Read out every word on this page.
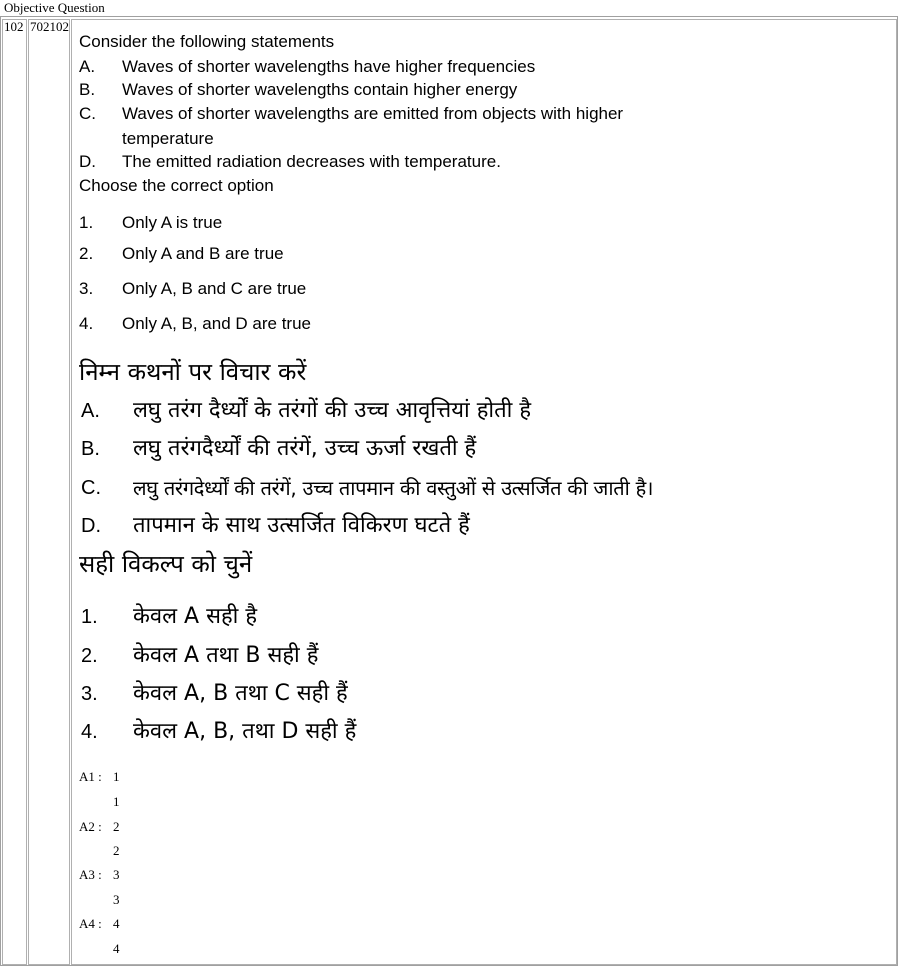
Objective Question
102 702102
Consider the following statements
A. Waves of shorter wavelengths have higher frequencies
B. Waves of shorter wavelengths contain higher energy
C. Waves of shorter wavelengths are emitted from objects with higher
temperature
D. The emitted radiation decreases with temperature.
Choose the correct option
1. Only A is true
2. Only A and B are true
3. Only A, B and C are true
4. Only A, B, and D are true
निम्न कथनों पर विचार करें
A. लघु तरंग दैर्ध्यों के तरंगों की उच्च आवृत्तियां होती है
B. लघु तरंगदैर्ध्यों की तरंगें, उच्च ऊर्जा रखती हैं
C. लघु तरंगदेर्ध्यों की तरंगें, उच्च तापमान की वस्तुओं से उत्सर्जित की जाती है।
D. तापमान के साथ उत्सर्जित विकिरण घटते हैं
सही विकल्प को चुनें
1. केवल A सही है
2. केवल A तथा B सही हैं
3. केवल A, B तथा C सही हैं
4. केवल A, B, तथा D सही हैं
A1 : 1
1
A2 : 2
2
A3 : 3
3
A4 : 4
4
